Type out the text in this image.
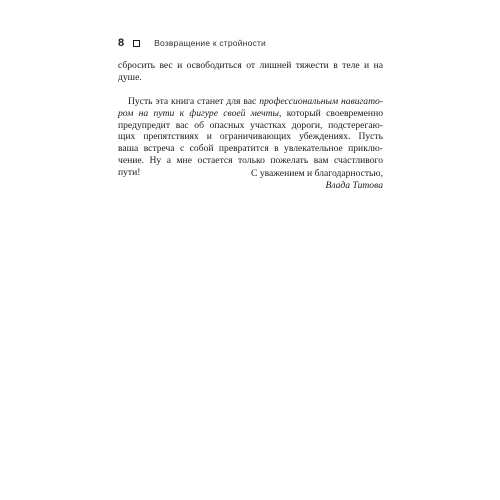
8	Возвращение к стройности
сбросить вес и освободиться от лишней тяжести в теле и на
душе.
Пусть эта книга станет для вас профессиональным навигато-
ром на пути к фигуре своей мечты, который своевременно
предупредит вас об опасных участках дороги, подстерегаю-
щих препятствиях и ограничивающих убеждениях. Пусть
ваша встреча с собой превратится в увлекательное приклю-
чение. Ну а мне остается только пожелать вам счастливого
пути!	С уважением и благодарностью,
Влада Титова
